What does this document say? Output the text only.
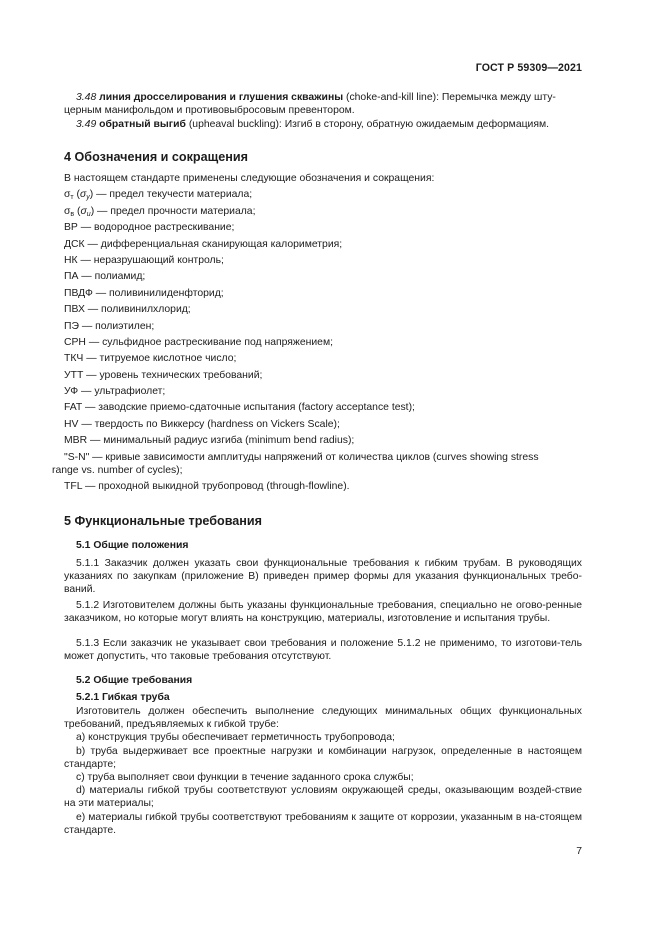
ГОСТ Р 59309—2021

3.48 линия дросселирования и глушения скважины (choke-and-kill line): Перемычка между шту-

церным манифольдом и противовыбросовым превентором.

3.49 обратный выгиб (upheaval buckling): Изгиб в сторону, обратную ожидаемым деформациям.

4 Обозначения и сокращения

В настоящем стандарте применены следующие обозначения и сокращения:

$\sigma_т$ $(\sigma_y)$ — предел текучести материала;

$\sigma_в$ $(\sigma_u)$ — предел прочности материала;

ВР — водородное растрескивание;

ДСК — дифференциальная сканирующая калориметрия;

НК — неразрушающий контроль;

ПА — полиамид;

ПВДФ — поливинилиденфторид;

ПВХ — поливинилхлорид;

ПЭ — полиэтилен;

СРН — сульфидное растрескивание под напряжением;

ТКЧ — титруемое кислотное число;

УТТ — уровень технических требований;

УФ — ультрафиолет;

FAT — заводские приемо-сдаточные испытания (factory acceptance test);

HV — твердость по Виккерсу (hardness on Vickers Scale);

MBR — минимальный радиус изгиба (minimum bend radius);

"S-N" — кривые зависимости амплитуды напряжений от количества циклов (curves showing stress

range vs. number of cycles);

TFL — проходной выкидной трубопровод (through-flowline).

5 Функциональные требования

5.1 Общие положения

5.1.1 Заказчик должен указать свои функциональные требования к гибким трубам. В руководящих указаниях по закупкам (приложение В) приведен пример формы для указания функциональных требо-ваний.

5.1.2 Изготовителем должны быть указаны функциональные требования, специально не огово-ренные заказчиком, но которые могут влиять на конструкцию, материалы, изготовление и испытания трубы.

5.1.3 Если заказчик не указывает свои требования и положение 5.1.2 не применимо, то изготови-тель может допустить, что таковые требования отсутствуют.

5.2 Общие требования

5.2.1 Гибкая труба

Изготовитель должен обеспечить выполнение следующих минимальных общих функциональных требований, предъявляемых к гибкой трубе:

a) конструкция трубы обеспечивает герметичность трубопровода;

b) труба выдерживает все проектные нагрузки и комбинации нагрузок, определенные в настоящем стандарте;

c) труба выполняет свои функции в течение заданного срока службы;

d) материалы гибкой трубы соответствуют условиям окружающей среды, оказывающим воздей-ствие на эти материалы;

e) материалы гибкой трубы соответствуют требованиям к защите от коррозии, указанным в на-стоящем стандарте.

7
